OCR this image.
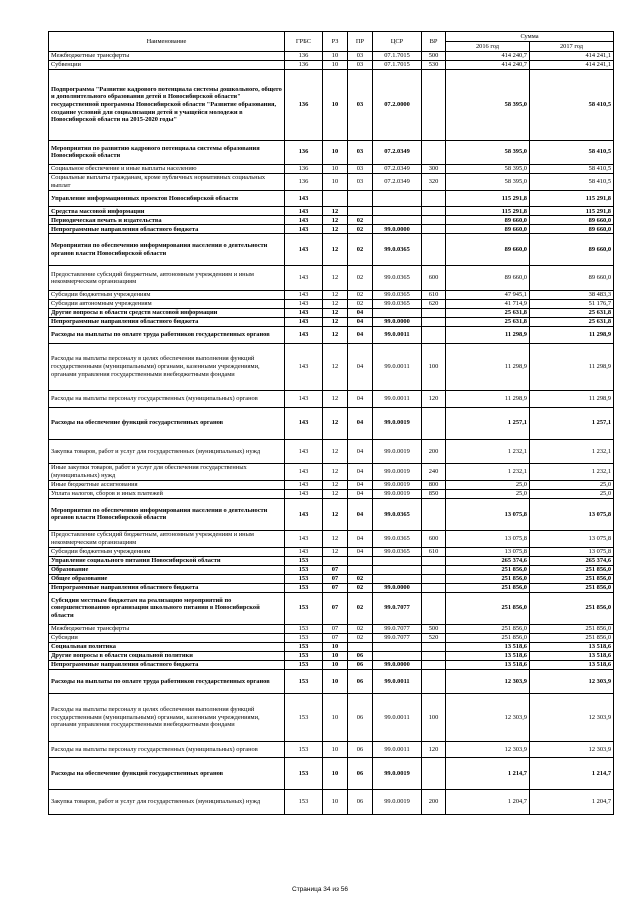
Наименование	ГРБС	РЗ	ПР	ЦСР	ВР	Сумма	
						2016 год	2017 год
Межбюджетные трансферты	136	10	03	07.1.7015	500	414 240,7	414 241,1
Субвенции	136	10	03	07.1.7015	530	414 240,7	414 241,1
Подпрограмма "Развитие кадрового потенциала системы дошкольного, общего и дополнительного образования детей в Новосибирской области" государственной программы Новосибирской области "Развитие образования, создание условий для социализации детей и учащейся молодежи в Новосибирской области на 2015-2020 годы"	136	10	03	07.2.0000		58 395,0	58 410,5
Мероприятия по развитию кадрового потенциала системы образования Новосибирской области	136	10	03	07.2.0349		58 395,0	58 410,5
Социальное обеспечение и иные выплаты населению	136	10	03	07.2.0349	300	58 395,0	58 410,5
Социальные выплаты гражданам, кроме публичных нормативных социальных выплат	136	10	03	07.2.0349	320	58 395,0	58 410,5
Управление информационных проектов Новосибирской области	143					115 291,8	115 291,8
Средства массовой информации	143	12				115 291,8	115 291,8
Периодическая печать и издательства	143	12	02			89 660,0	89 660,0
Непрограммные направления областного бюджета	143	12	02	99.0.0000		89 660,0	89 660,0
Мероприятия по обеспечению информирования населения о деятельности органов власти Новосибирской области	143	12	02	99.0.0365		89 660,0	89 660,0
Предоставление субсидий бюджетным, автономным учреждениям и иным некоммерческим организациям	143	12	02	99.0.0365	600	89 660,0	89 660,0
Субсидии бюджетным учреждениям	143	12	02	99.0.0365	610	47 945,1	38 483,3
Субсидии автономным учреждениям	143	12	02	99.0.0365	620	41 714,9	51 176,7
Другие вопросы в области средств массовой информации	143	12	04			25 631,8	25 631,8
Непрограммные направления областного бюджета	143	12	04	99.0.0000		25 631,8	25 631,8
Расходы на выплаты по оплате труда работников государственных органов	143	12	04	99.0.0011		11 298,9	11 298,9
Расходы на выплаты персоналу в целях обеспечения выполнения функций государственными (муниципальными) органами, казенными учреждениями, органами управления государственными внебюджетными фондами	143	12	04	99.0.0011	100	11 298,9	11 298,9
Расходы на выплаты персоналу государственных (муниципальных) органов	143	12	04	99.0.0011	120	11 298,9	11 298,9
Расходы на обеспечение функций государственных органов	143	12	04	99.0.0019		1 257,1	1 257,1
Закупка товаров, работ и услуг для государственных (муниципальных) нужд	143	12	04	99.0.0019	200	1 232,1	1 232,1
Иные закупки товаров, работ и услуг для обеспечения государственных (муниципальных) нужд	143	12	04	99.0.0019	240	1 232,1	1 232,1
Иные бюджетные ассигнования	143	12	04	99.0.0019	800	25,0	25,0
Уплата налогов, сборов и иных платежей	143	12	04	99.0.0019	850	25,0	25,0
Мероприятия по обеспечению информирования населения о деятельности органов власти Новосибирской области	143	12	04	99.0.0365		13 075,8	13 075,8
Предоставление субсидий бюджетным, автономным учреждениям и иным некоммерческим организациям	143	12	04	99.0.0365	600	13 075,8	13 075,8
Субсидии бюджетным учреждениям	143	12	04	99.0.0365	610	13 075,8	13 075,8
Управление социального питания Новосибирской области	153					265 374,6	265 374,6
Образование	153	07				251 856,0	251 856,0
Общее образование	153	07	02			251 856,0	251 856,0
Непрограммные направления областного бюджета	153	07	02	99.0.0000		251 856,0	251 856,0
Субсидии местным бюджетам на реализацию мероприятий по совершенствованию организации школьного питания в Новосибирской области	153	07	02	99.0.7077		251 856,0	251 856,0
Межбюджетные трансферты	153	07	02	99.0.7077	500	251 856,0	251 856,0
Субсидии	153	07	02	99.0.7077	520	251 856,0	251 856,0
Социальная политика	153	10				13 518,6	13 518,6
Другие вопросы в области социальной политики	153	10	06			13 518,6	13 518,6
Непрограммные направления областного бюджета	153	10	06	99.0.0000		13 518,6	13 518,6
Расходы на выплаты по оплате труда работников государственных органов	153	10	06	99.0.0011		12 303,9	12 303,9
Расходы на выплаты персоналу в целях обеспечения выполнения функций государственными (муниципальными) органами, казенными учреждениями, органами управления государственными внебюджетными фондами	153	10	06	99.0.0011	100	12 303,9	12 303,9
Расходы на выплаты персоналу государственных (муниципальных) органов	153	10	06	99.0.0011	120	12 303,9	12 303,9
Расходы на обеспечение функций государственных органов	153	10	06	99.0.0019		1 214,7	1 214,7
Закупка товаров, работ и услуг для государственных (муниципальных) нужд	153	10	06	99.0.0019	200	1 204,7	1 204,7
Страница 34 из 56
